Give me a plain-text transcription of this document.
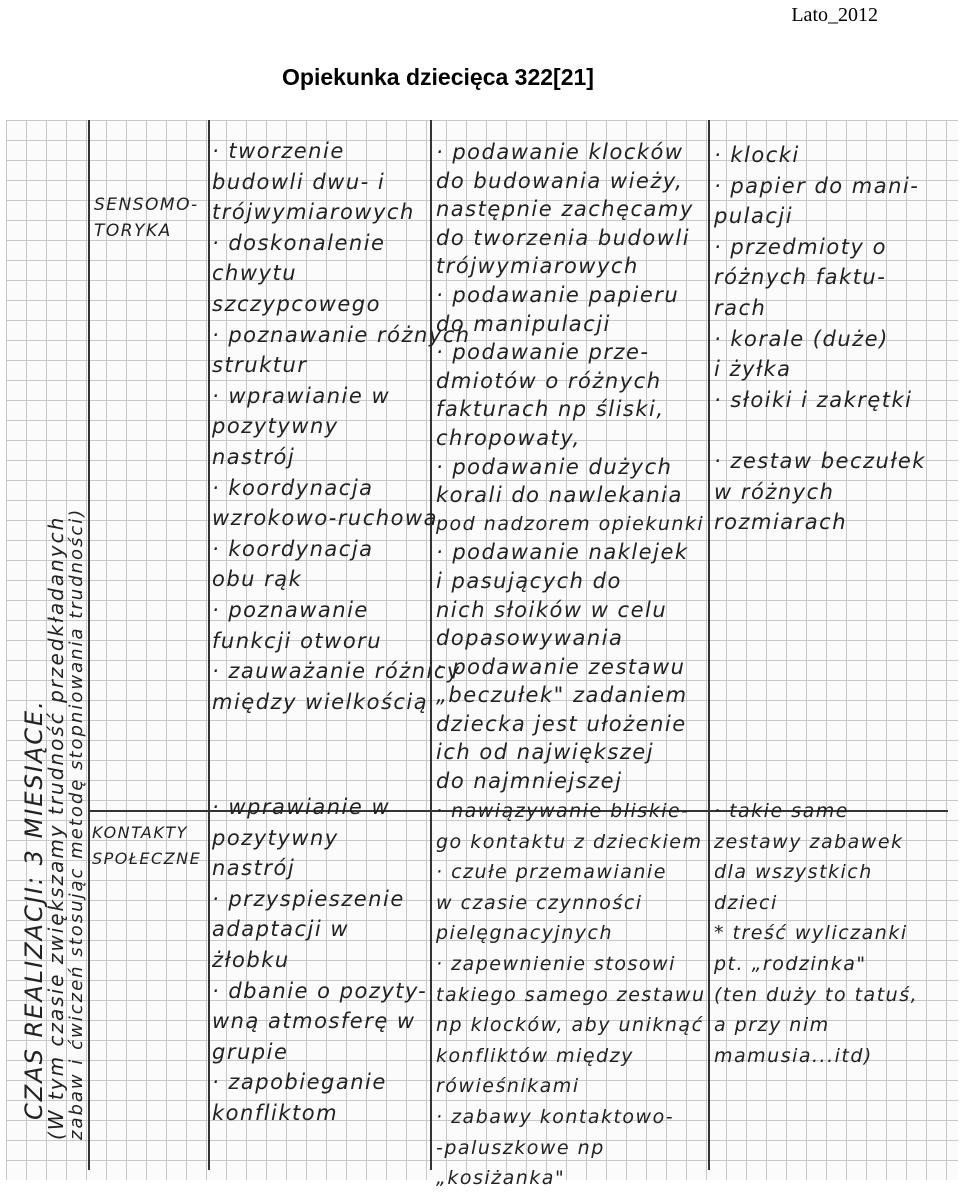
Lato_2012
Opiekunka dziecięca 322[21]
CZAS REALIZACJI: 3 MIESIĄCE.
(W tym czasie zwiększamy trudność przedkładanych
zabaw i ćwiczeń stosując metodę stopniowania trudności)
SENSOMO-
TORYKA
· tworzenie
budowli dwu- i
trójwymiarowych
· doskonalenie
chwytu
szczypcowego
· poznawanie różnych
struktur
· wprawianie w
pozytywny
nastrój
· koordynacja
wzrokowo-ruchowa
· koordynacja
obu rąk
· poznawanie
funkcji otworu
· zauważanie różnicy
między wielkością
· podawanie klocków
do budowania wieży,
następnie zachęcamy
do tworzenia budowli
trójwymiarowych
· podawanie papieru
do manipulacji
· podawanie prze-
dmiotów o różnych
fakturach np śliski,
chropowaty,
· podawanie dużych
korali do nawlekania
pod nadzorem opiekunki
· podawanie naklejek
i pasujących do
nich słoików w celu
dopasowywania
· podawanie zestawu
„beczułek" zadaniem
dziecka jest ułożenie
ich od największej
do najmniejszej
· klocki
· papier do mani-
pulacji
· przedmioty o
różnych faktu-
rach
· korale (duże)
i żyłka
· słoiki i zakrętki
· zestaw beczułek
w różnych
rozmiarach
KONTAKTY
SPOŁECZNE
· wprawianie w
pozytywny
nastrój
· przyspieszenie
adaptacji w
żłobku
· dbanie o pozyty-
wną atmosferę w
grupie
· zapobieganie
konfliktom
· nawiązywanie bliskie-
go kontaktu z dzieckiem
· czułe przemawianie
w czasie czynności
pielęgnacyjnych
· zapewnienie stosowi
takiego samego zestawu
np klocków, aby uniknąć
konfliktów między
rówieśnikami
· zabawy kontaktowo-
-paluszkowe np
„kosiżanka"
· takie same
zestawy zabawek
dla wszystkich
dzieci
* treść wyliczanki
pt. „rodzinka"
(ten duży to tatuś,
a przy nim
mamusia...itd)
